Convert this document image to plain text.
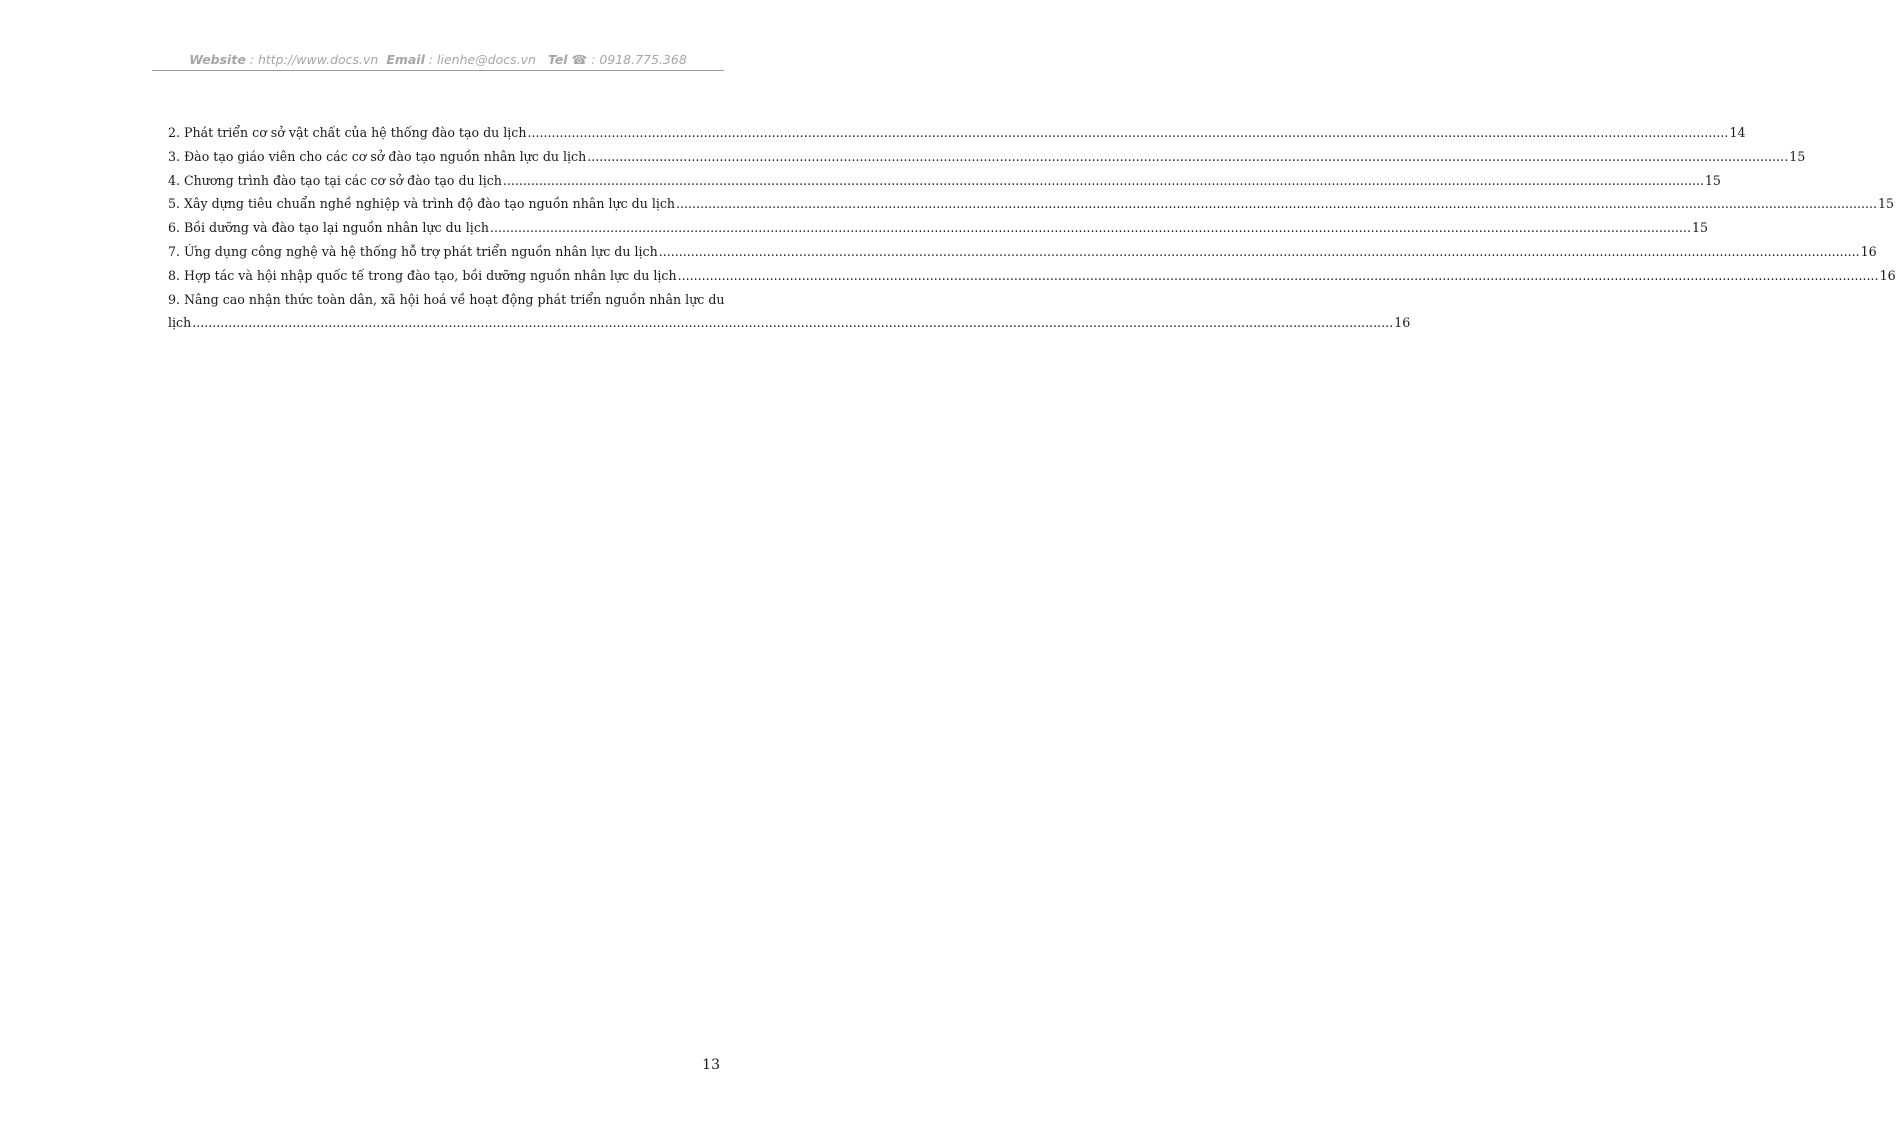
Website : http://www.docs.vn Email : lienhe@docs.vn Tel ☎ : 0918.775.368
2. Phát triển cơ sở vật chất của hệ thống đào tạo du lịch ............................................................................................................................................................................................................................................................................................................ 14
3. Đào tạo giáo viên cho các cơ sở đào tạo nguồn nhân lực du lịch ............................................................................................................................................................................................................................................................................................................ 15
4. Chương trình đào tạo tại các cơ sở đào tạo du lịch ............................................................................................................................................................................................................................................................................................................ 15
5. Xây dựng tiêu chuẩn nghề nghiệp và trình độ đào tạo nguồn nhân lực du lịch ............................................................................................................................................................................................................................................................................................................ 15
6. Bồi dưỡng và đào tạo lại nguồn nhân lực du lịch ............................................................................................................................................................................................................................................................................................................ 15
7. Ứng dụng công nghệ và hệ thống hỗ trợ phát triển nguồn nhân lực du lịch ............................................................................................................................................................................................................................................................................................................ 16
8. Hợp tác và hội nhập quốc tế trong đào tạo, bồi dưỡng nguồn nhân lực du lịch ............................................................................................................................................................................................................................................................................................................ 16
9. Nâng cao nhận thức toàn dân, xã hội hoá về hoạt động phát triển nguồn nhân lực du
lịch ............................................................................................................................................................................................................................................................................................................ 16
13
